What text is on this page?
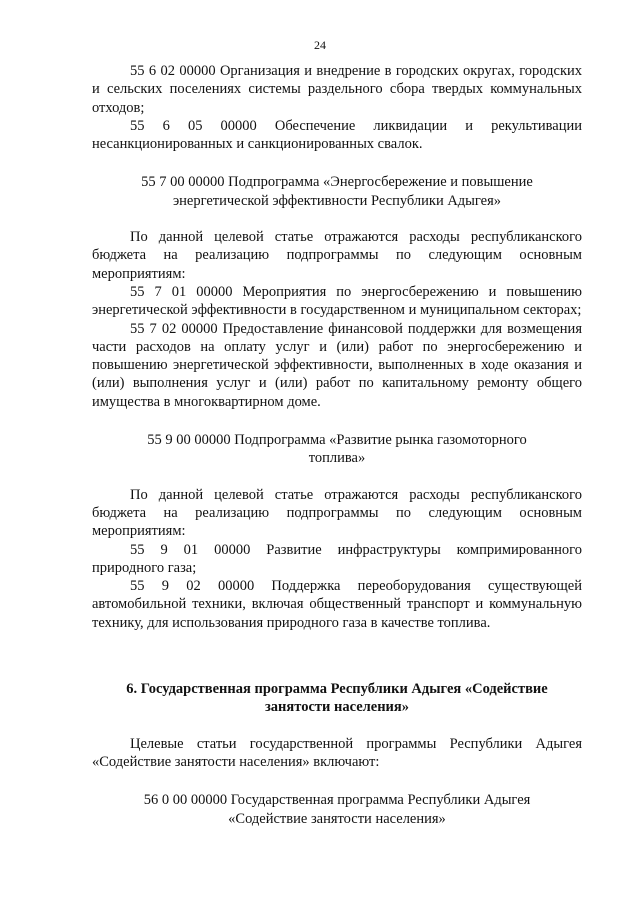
24

55 6 02 00000 Организация и внедрение в городских округах, городских и сельских поселениях системы раздельного сбора твердых коммунальных отходов;

55 6 05 00000 Обеспечение ликвидации и рекультивации несанкционированных и санкционированных свалок.

55 7 00 00000 Подпрограмма «Энергосбережение и повышение энергетической эффективности Республики Адыгея»

По данной целевой статье отражаются расходы республиканского бюджета на реализацию подпрограммы по следующим основным мероприятиям:

55 7 01 00000 Мероприятия по энергосбережению и повышению энергетической эффективности в государственном и муниципальном секторах;

55 7 02 00000 Предоставление финансовой поддержки для возмещения части расходов на оплату услуг и (или) работ по энергосбережению и повышению энергетической эффективности, выполненных в ходе оказания и (или) выполнения услуг и (или) работ по капитальному ремонту общего имущества в многоквартирном доме.

55 9 00 00000 Подпрограмма «Развитие рынка газомоторного топлива»

По данной целевой статье отражаются расходы республиканского бюджета на реализацию подпрограммы по следующим основным мероприятиям:

55 9 01 00000 Развитие инфраструктуры компримированного природного газа;

55 9 02 00000 Поддержка переоборудования существующей автомобильной техники, включая общественный транспорт и коммунальную технику, для использования природного газа в качестве топлива.

6. Государственная программа Республики Адыгея «Содействие занятости населения»

Целевые статьи государственной программы Республики Адыгея «Содействие занятости населения» включают:

56 0 00 00000 Государственная программа Республики Адыгея «Содействие занятости населения»
